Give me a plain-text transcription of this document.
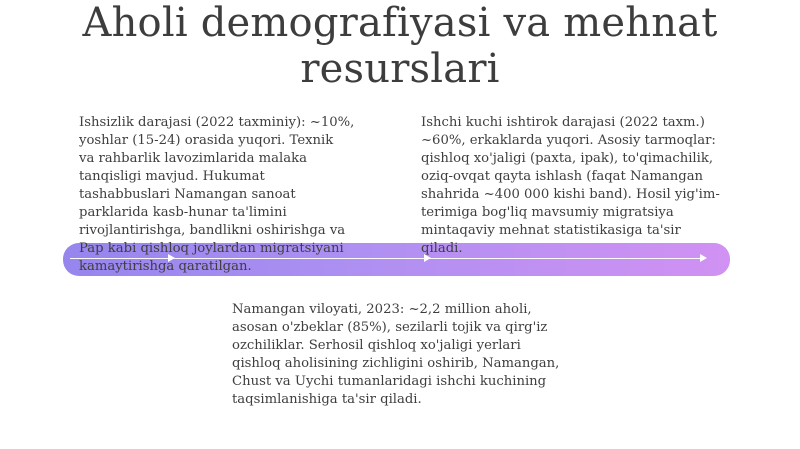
Aholi demografiyasi va mehnat
resurslari
Ishsizlik darajasi (2022 taxminiy): ~10%,
yoshlar (15-24) orasida yuqori. Texnik
va rahbarlik lavozimlarida malaka
tanqisligi mavjud. Hukumat
tashabbuslari Namangan sanoat
parklarida kasb-hunar ta'limini
rivojlantirishga, bandlikni oshirishga va
Pap kabi qishloq joylardan migratsiyani
kamaytirishga qaratilgan.
Ishchi kuchi ishtirok darajasi (2022 taxm.)
~60%, erkaklarda yuqori. Asosiy tarmoqlar:
qishloq xo'jaligi (paxta, ipak), to'qimachilik,
oziq-ovqat qayta ishlash (faqat Namangan
shahrida ~400 000 kishi band). Hosil yig'im-
terimiga bog'liq mavsumiy migratsiya
mintaqaviy mehnat statistikasiga ta'sir
qiladi.
Namangan viloyati, 2023: ~2,2 million aholi,
asosan o'zbeklar (85%), sezilarli tojik va qirg'iz
ozchiliklar. Serhosil qishloq xo'jaligi yerlari
qishloq aholisining zichligini oshirib, Namangan,
Chust va Uychi tumanlaridagi ishchi kuchining
taqsimlanishiga ta'sir qiladi.
